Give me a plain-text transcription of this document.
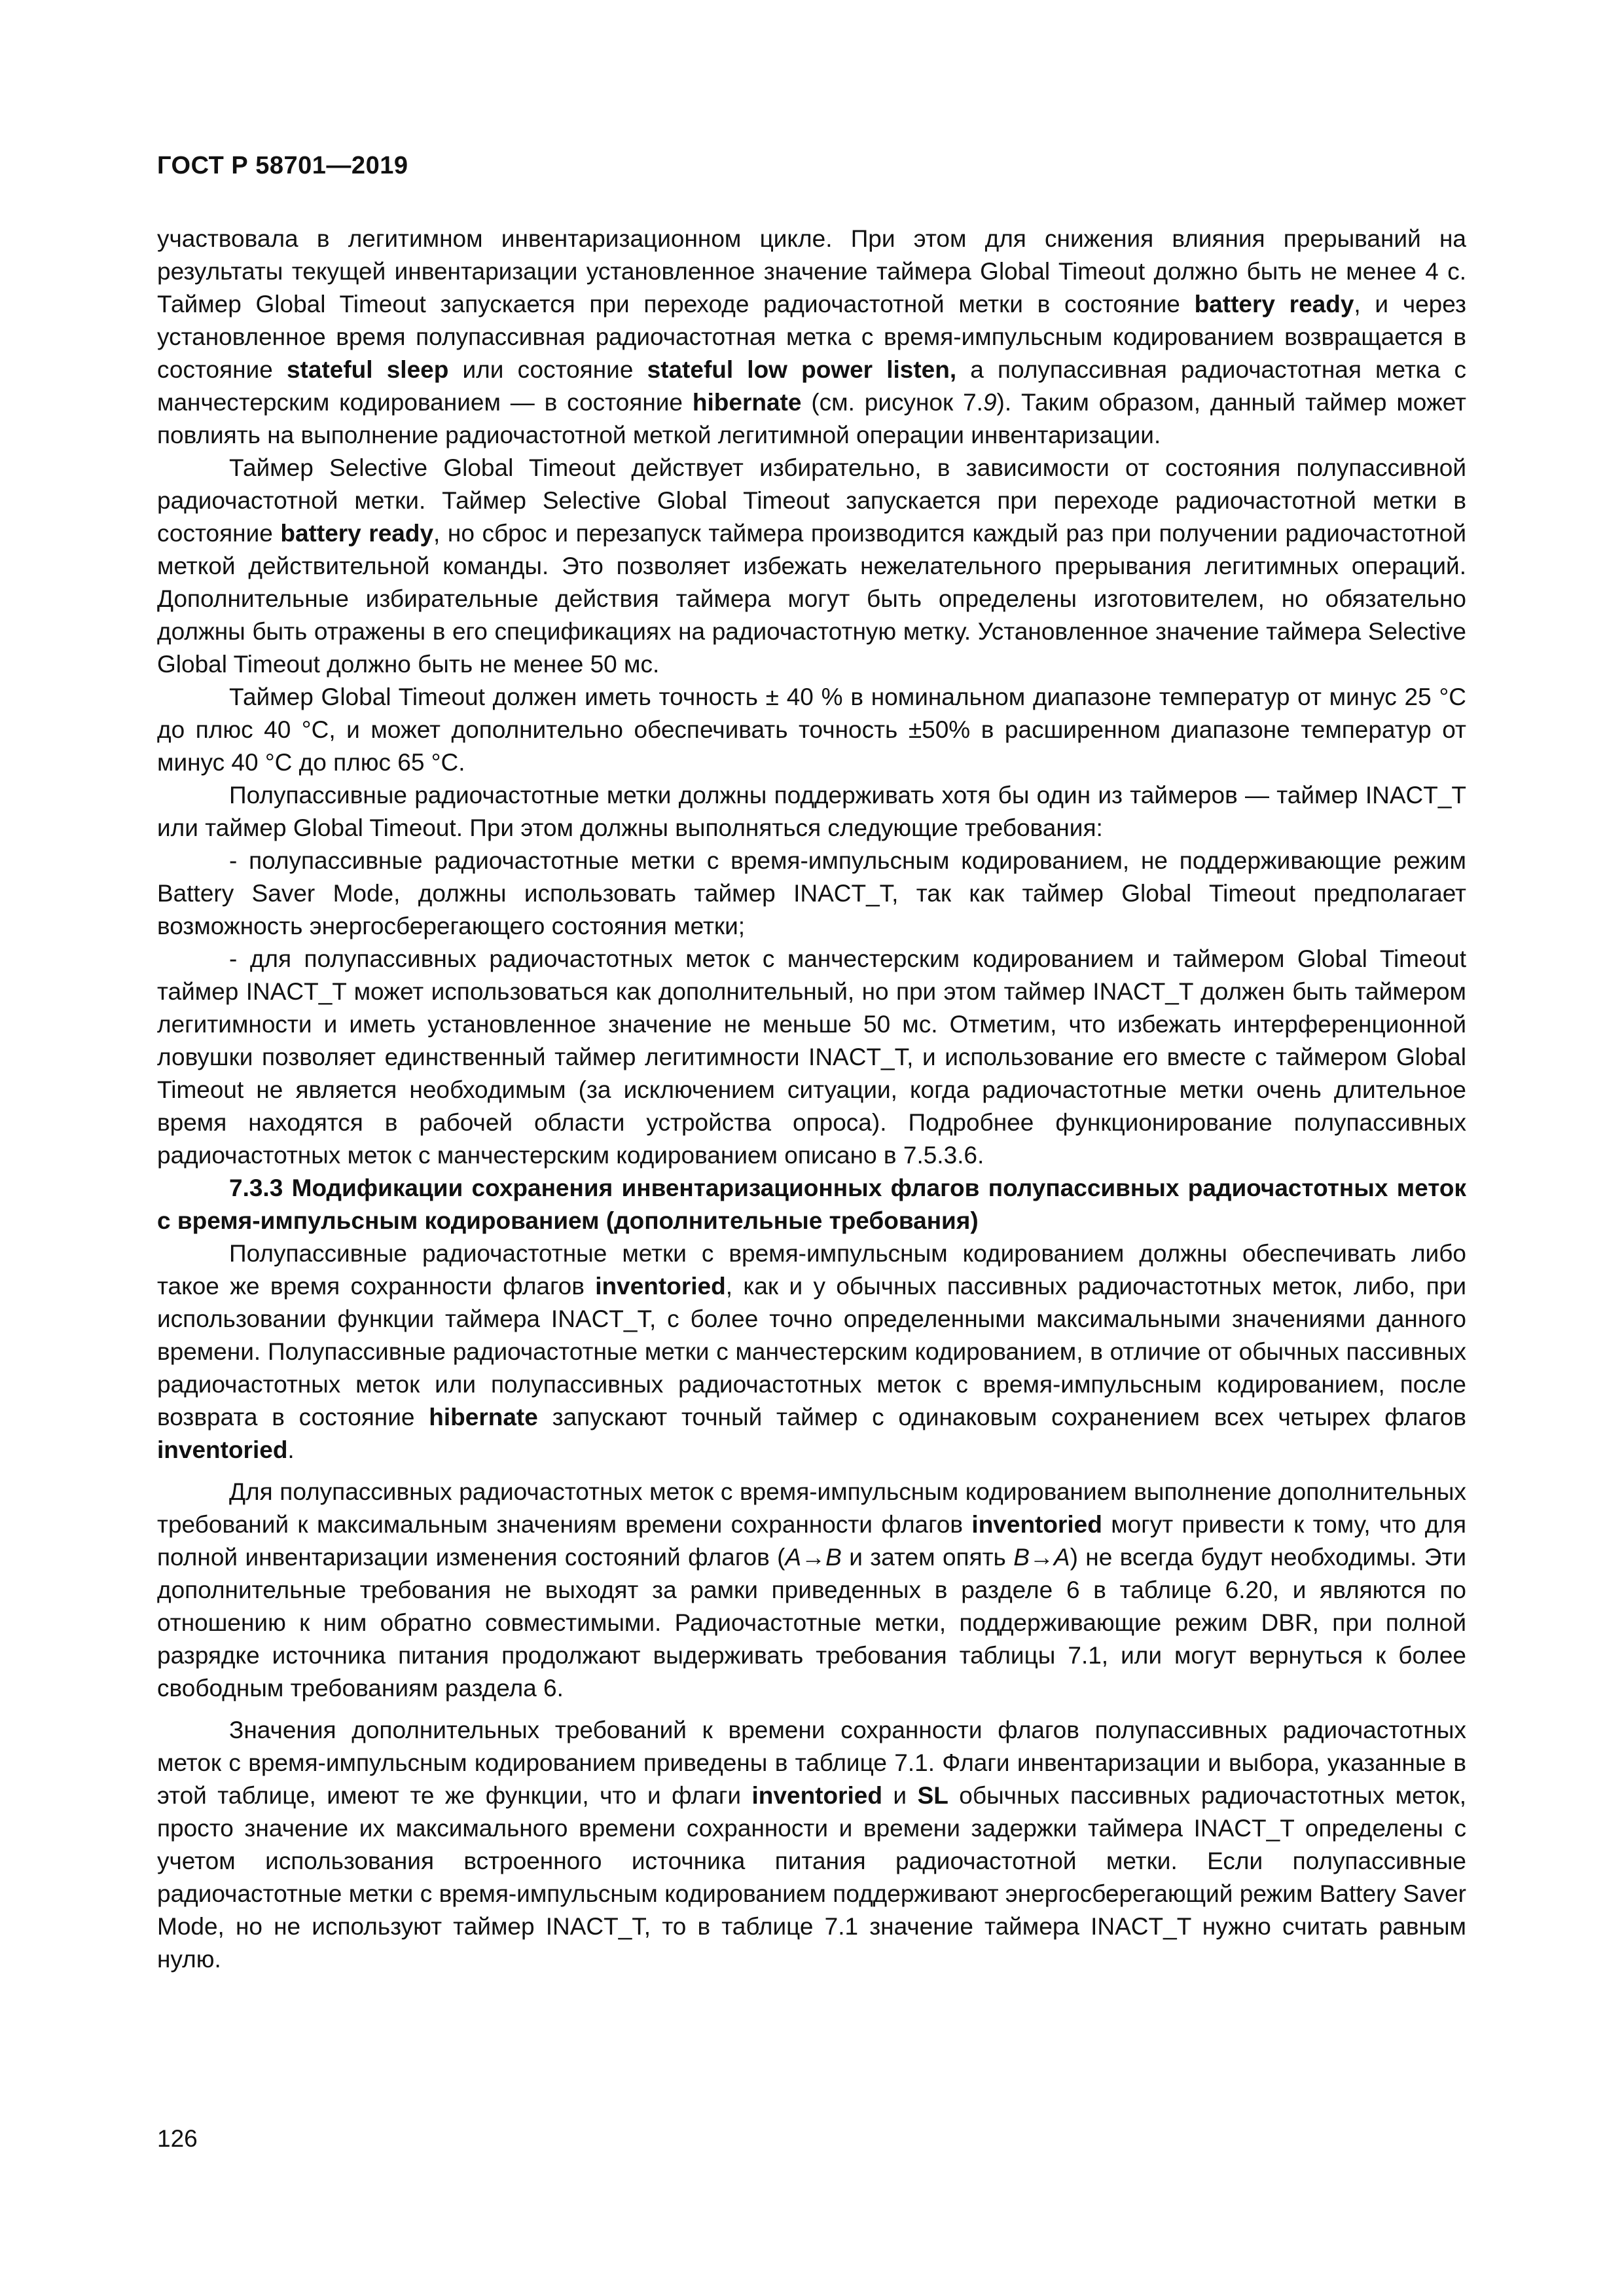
ГОСТ Р 58701—2019

участвовала в легитимном инвентаризационном цикле. При этом для снижения влияния прерываний на результаты текущей инвентаризации установленное значение таймера Global Timeout должно быть не менее 4 с. Таймер Global Timeout запускается при переходе радиочастотной метки в состояние battery ready, и через установленное время полупассивная радиочастотная метка с время-импульсным кодированием возвращается в состояние stateful sleep или состояние stateful low power listen, а полупассивная радиочастотная метка с манчестерским кодированием — в состояние hibernate (см. рисунок 7.9). Таким образом, данный таймер может повлиять на выполнение радиочастотной меткой легитимной операции инвентаризации.

Таймер Selective Global Timeout действует избирательно, в зависимости от состояния полупассивной радиочастотной метки. Таймер Selective Global Timeout запускается при переходе радиочастотной метки в состояние battery ready, но сброс и перезапуск таймера производится каждый раз при получении радиочастотной меткой действительной команды. Это позволяет избежать нежелательного прерывания легитимных операций. Дополнительные избирательные действия таймера могут быть определены изготовителем, но обязательно должны быть отражены в его спецификациях на радиочастотную метку. Установленное значение таймера Selective Global Timeout должно быть не менее 50 мс.

Таймер Global Timeout должен иметь точность ± 40 % в номинальном диапазоне температур от минус 25 °С до плюс 40 °С, и может дополнительно обеспечивать точность ±50% в расширенном диапазоне температур от минус 40 °С до плюс 65 °С.

Полупассивные радиочастотные метки должны поддерживать хотя бы один из таймеров — таймер INACT_T или таймер Global Timeout. При этом должны выполняться следующие требования:

- полупассивные радиочастотные метки с время-импульсным кодированием, не поддерживающие режим Battery Saver Mode, должны использовать таймер INACT_T, так как таймер Global Timeout предполагает возможность энергосберегающего состояния метки;

- для полупассивных радиочастотных меток с манчестерским кодированием и таймером Global Timeout таймер INACT_T может использоваться как дополнительный, но при этом таймер INACT_T должен быть таймером легитимности и иметь установленное значение не меньше 50 мс. Отметим, что избежать интерференционной ловушки позволяет единственный таймер легитимности INACT_T, и использование его вместе с таймером Global Timeout не является необходимым (за исключением ситуации, когда радиочастотные метки очень длительное время находятся в рабочей области устройства опроса). Подробнее функционирование полупассивных радиочастотных меток с манчестерским кодированием описано в 7.5.3.6.

7.3.3 Модификации сохранения инвентаризационных флагов полупассивных радиочастотных меток с время-импульсным кодированием (дополнительные требования)

Полупассивные радиочастотные метки с время-импульсным кодированием должны обеспечивать либо такое же время сохранности флагов inventoried, как и у обычных пассивных радиочастотных меток, либо, при использовании функции таймера INACT_T, с более точно определенными максимальными значениями данного времени. Полупассивные радиочастотные метки с манчестерским кодированием, в отличие от обычных пассивных радиочастотных меток или полупассивных радиочастотных меток с время-импульсным кодированием, после возврата в состояние hibernate запускают точный таймер с одинаковым сохранением всех четырех флагов inventoried.

Для полупассивных радиочастотных меток с время-импульсным кодированием выполнение дополнительных требований к максимальным значениям времени сохранности флагов inventoried могут привести к тому, что для полной инвентаризации изменения состояний флагов (А→В и затем опять В→А) не всегда будут необходимы. Эти дополнительные требования не выходят за рамки приведенных в разделе 6 в таблице 6.20, и являются по отношению к ним обратно совместимыми. Радиочастотные метки, поддерживающие режим DBR, при полной разрядке источника питания продолжают выдерживать требования таблицы 7.1, или могут вернуться к более свободным требованиям раздела 6.

Значения дополнительных требований к времени сохранности флагов полупассивных радиочастотных меток с время-импульсным кодированием приведены в таблице 7.1. Флаги инвентаризации и выбора, указанные в этой таблице, имеют те же функции, что и флаги inventoried и SL обычных пассивных радиочастотных меток, просто значение их максимального времени сохранности и времени задержки таймера INACT_T определены с учетом использования встроенного источника питания радиочастотной метки. Если полупассивные радиочастотные метки с время-импульсным кодированием поддерживают энергосберегающий режим Battery Saver Mode, но не используют таймер INACT_T, то в таблице 7.1 значение таймера INACT_T нужно считать равным нулю.

126
